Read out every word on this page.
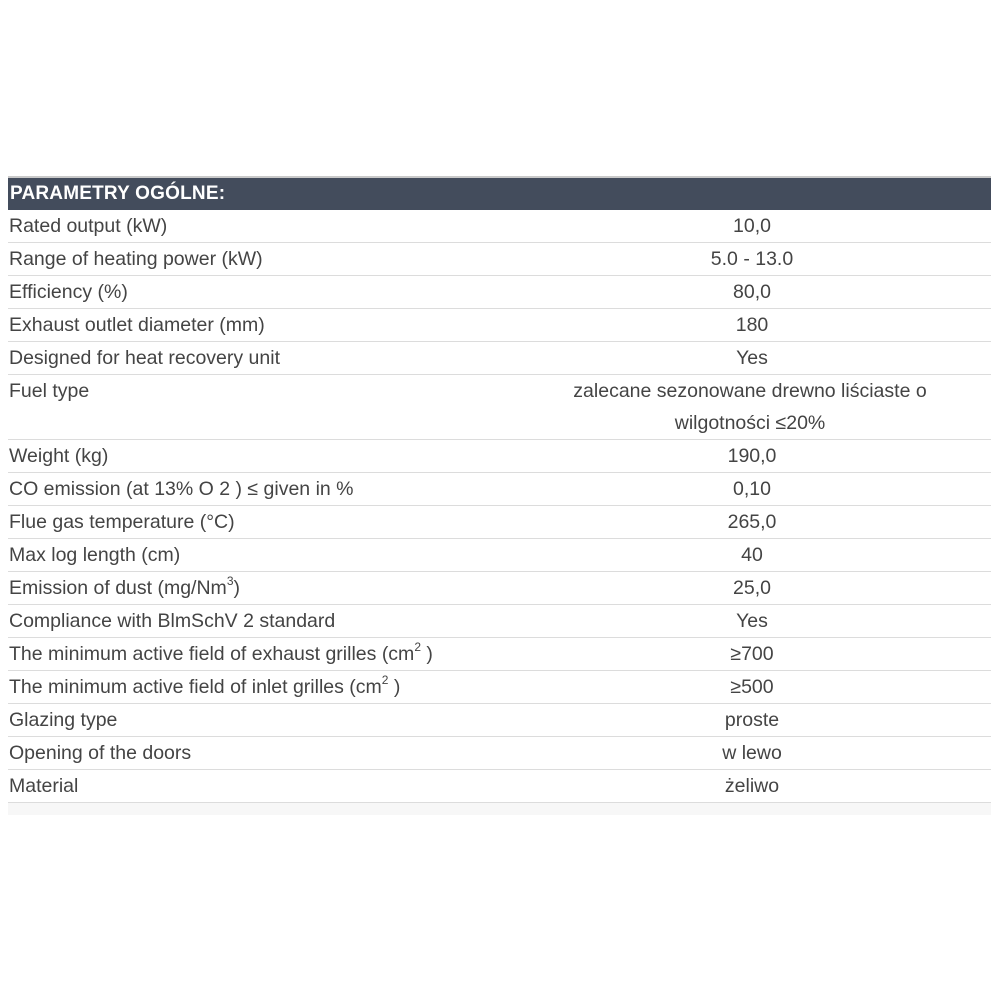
PARAMETRY OGÓLNE:	
Rated output (kW)	10,0
Range of heating power (kW)	5.0 - 13.0
Efficiency (%)	80,0
Exhaust outlet diameter (mm)	180
Designed for heat recovery unit	Yes
Fuel type	zalecane sezonowane drewno liściaste o
wilgotności ≤20%

Weight (kg)	190,0
CO emission (at 13% O 2 ) ≤ given in %	0,10
Flue gas temperature (°C)	265,0
Max log length (cm)	40
Emission of dust (mg/Nm$^3$)	25,0
Compliance with BlmSchV 2 standard	Yes
The minimum active field of exhaust grilles ($cm^2$ )	≥700
The minimum active field of inlet grilles ($cm^2$ )	≥500
Glazing type	proste
Opening of the doors	w lewo
Material	żeliwo
